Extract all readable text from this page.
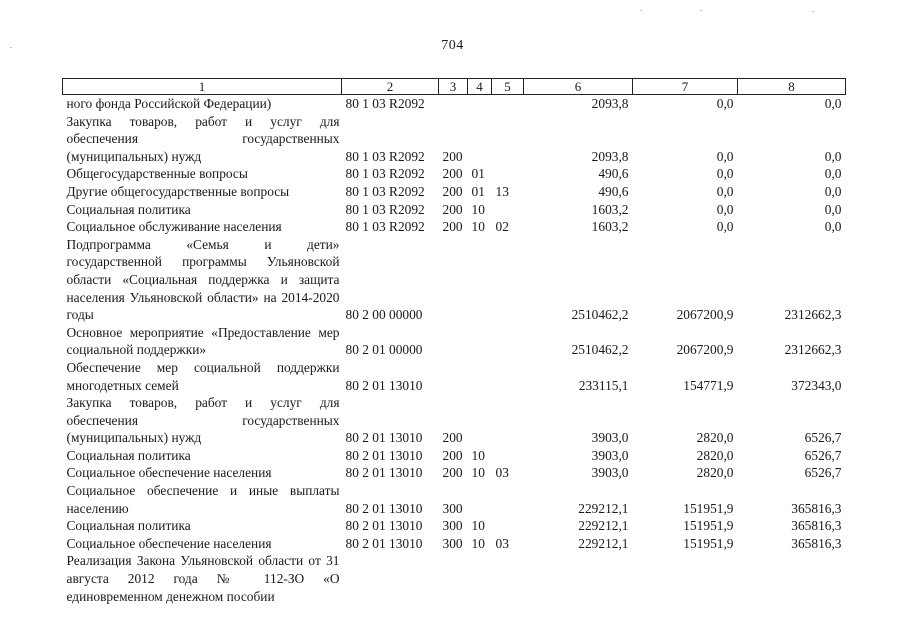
704
1	2	3	4	5	6	7	8
ного фонда Российской Федерации)	80 1 03 R2092				2093,8	0,0	0,0
Закупка товаров, работ и услуг для обеспечения государственных (муниципальных) нужд	80 1 03 R2092	200			2093,8	0,0	0,0
Общегосударственные вопросы	80 1 03 R2092	200	01		490,6	0,0	0,0
Другие общегосударственные вопросы	80 1 03 R2092	200	01	13	490,6	0,0	0,0
Социальная политика	80 1 03 R2092	200	10		1603,2	0,0	0,0
Социальное обслуживание населения	80 1 03 R2092	200	10	02	1603,2	0,0	0,0
Подпрограмма «Семья и дети» государственной программы Ульяновской области «Социальная поддержка и защита населения Ульяновской области» на 2014-2020 годы	80 2 00 00000				2510462,2	2067200,9	2312662,3
Основное мероприятие «Предоставление мер социальной поддержки»	80 2 01 00000				2510462,2	2067200,9	2312662,3
Обеспечение мер социальной поддержки многодетных семей	80 2 01 13010				233115,1	154771,9	372343,0
Закупка товаров, работ и услуг для обеспечения государственных (муниципальных) нужд	80 2 01 13010	200			3903,0	2820,0	6526,7
Социальная политика	80 2 01 13010	200	10		3903,0	2820,0	6526,7
Социальное обеспечение населения	80 2 01 13010	200	10	03	3903,0	2820,0	6526,7
Социальное обеспечение и иные выплаты населению	80 2 01 13010	300			229212,1	151951,9	365816,3
Социальная политика	80 2 01 13010	300	10		229212,1	151951,9	365816,3
Социальное обеспечение населения	80 2 01 13010	300	10	03	229212,1	151951,9	365816,3
Реализация Закона Ульяновской области от 31 августа 2012 года № 112-ЗО «О единовременном денежном пособии							
